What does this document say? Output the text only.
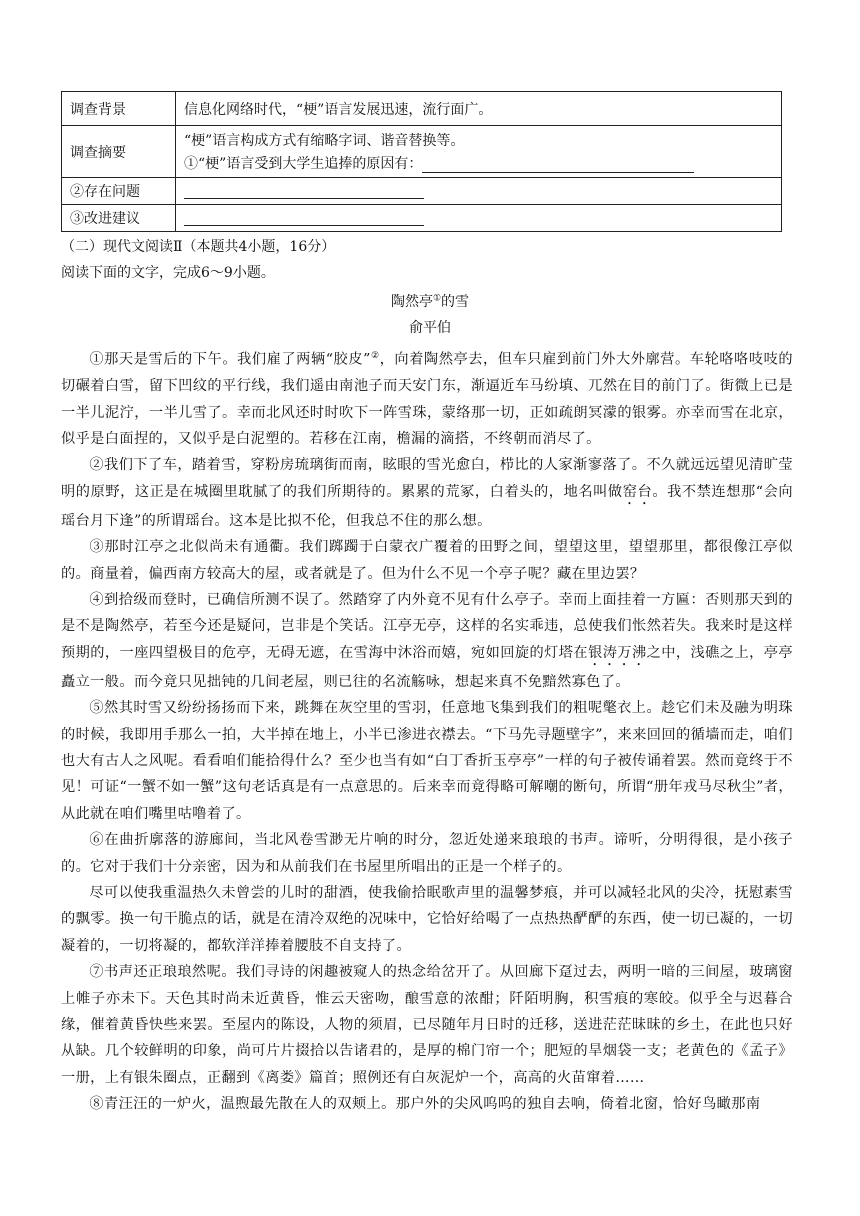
调查背景	信息化网络时代，“梗”语言发展迅速，流行面广。
调查摘要	“梗”语言构成方式有缩略字词、谐音替换等。
①“梗”语言受到大学生追捧的原因有：

②存在问题	
③改进建议	
（二）现代文阅读Ⅱ（本题共4小题，16分）
阅读下面的文字，完成6～9小题。
陶然亭①的雪
俞平伯

①那天是雪后的下午。我们雇了两辆“胶皮”②，向着陶然亭去，但车只雇到前门外大外廓营。车轮咯咯吱吱的切碾着白雪，留下凹纹的平行线，我们遥由南池子而天安门东，渐逼近车马纷填、兀然在目的前门了。街微上已是一半儿泥泞，一半儿雪了。幸而北风还时时吹下一阵雪珠，蒙络那一切，正如疏朗冥濛的银雾。亦幸而雪在北京，似乎是白面捏的，又似乎是白泥塑的。若移在江南，檐漏的滴搭，不终朝而消尽了。

②我们下了车，踏着雪，穿粉房琉璃街而南，眩眼的雪光愈白，栉比的人家渐寥落了。不久就远远望见清旷莹明的原野，这正是在城圈里耽腻了的我们所期待的。累累的荒冢，白着头的，地名叫做窑台。我不禁连想那“会向瑶台月下逢”的所谓瑶台。这本是比拟不伦，但我总不住的那么想。

③那时江亭之北似尚未有通衢。我们踯躅于白蒙衣广覆着的田野之间，望望这里，望望那里，都很像江亭似的。商量着，偏西南方较高大的屋，或者就是了。但为什么不见一个亭子呢？藏在里边罢？

④到拾级而登时，已确信所测不误了。然踏穿了内外竟不见有什么亭子。幸而上面挂着一方匾：否则那天到的是不是陶然亭，若至今还是疑问，岂非是个笑话。江亭无亭，这样的名实乖违，总使我们怅然若失。我来时是这样预期的，一座四望极目的危亭，无碍无遮，在雪海中沐浴而嬉，宛如回旋的灯塔在银涛万沸之中，浅礁之上，亭亭矗立一般。而今竟只见拙钝的几间老屋，则已往的名流觞咏，想起来真不免黯然寡色了。

⑤然其时雪又纷纷扬扬而下来，跳舞在灰空里的雪羽，任意地飞集到我们的粗呢氅衣上。趁它们未及融为明珠的时候，我即用手那么一拍，大半掉在地上，小半已渗进衣襟去。“下马先寻题壁字”，来来回回的循墙而走，咱们也大有古人之风呢。看看咱们能拾得什么？至少也当有如“白丁香折玉亭亭”一样的句子被传诵着罢。然而竟终于不见！可证“一蟹不如一蟹”这句老话真是有一点意思的。后来幸而竟得略可解嘲的断句，所谓“册年戎马尽秋尘”者，从此就在咱们嘴里咕噜着了。

⑥在曲折廓落的游廊间，当北风卷雪渺无片响的时分，忽近处递来琅琅的书声。谛听，分明得很，是小孩子的。它对于我们十分亲密，因为和从前我们在书屋里所唱出的正是一个样子的。

尽可以使我重温热久未曾尝的儿时的甜酒，使我偷拾眠歌声里的温馨梦痕，并可以减轻北风的尖冷，抚慰素雪的飘零。换一句干脆点的话，就是在清冷双绝的况味中，它恰好给喝了一点热热酽酽的东西，使一切已凝的，一切凝着的，一切将凝的，都软洋洋捧着腰肢不自支持了。

⑦书声还正琅琅然呢。我们寻诗的闲趣被窥人的热念给岔开了。从回廊下趸过去，两明一暗的三间屋，玻璃窗上帷子亦未下。天色其时尚未近黄昏，惟云天密吻，酿雪意的浓酣；阡陌明胸，积雪痕的寒皎。似乎全与迟暮合缘，催着黄昏快些来罢。至屋内的陈设，人物的须眉，已尽随年月日时的迁移，送进茫茫昧昧的乡土，在此也只好从缺。几个较鲜明的印象，尚可片片掇拾以告诸君的，是厚的棉门帘一个；肥短的旱烟袋一支；老黄色的《孟子》一册，上有银朱圈点，正翻到《离娄》篇首；照例还有白灰泥炉一个，高高的火苗窜着……

⑧青汪汪的一炉火，温煦最先散在人的双颊上。那户外的尖风呜呜的独自去响，倚着北窗，恰好鸟瞰那南
